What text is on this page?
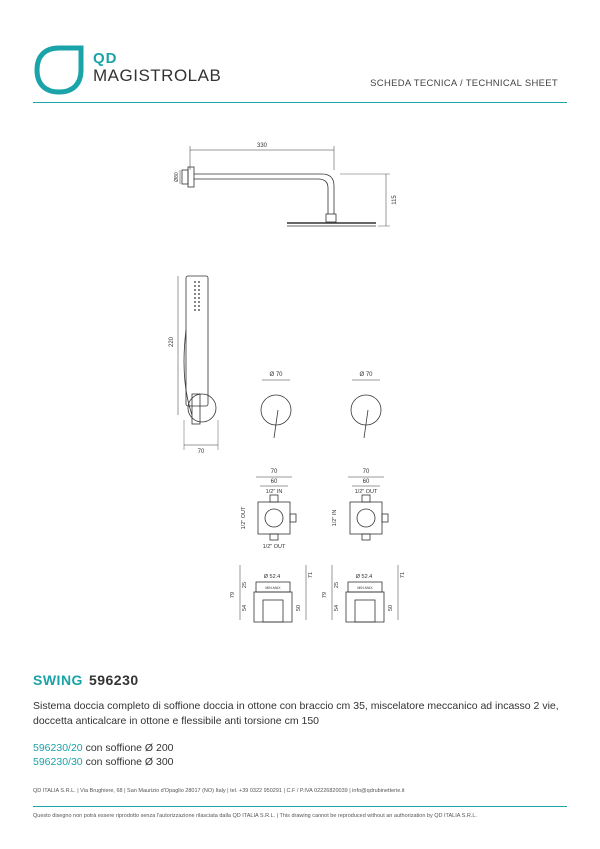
QD
MAGISTROLAB	SCHEDA TECNICA / TECHNICAL SHEET
330
Ø80
115
220
70
Ø 70	Ø 70
70
60
1/2" IN
1/2" OUT
1/2" OUT
70
60
1/2" OUT
1/2" IN
Ø 52.4
MIN-MAX
79
25
54
71
50
Ø 52.4
MIN-MAX
79
25
54
71
50
SWING 596230
Sistema doccia completo di soffione doccia in ottone con braccio cm 35, miscelatore meccanico ad incasso 2 vie, doccetta anticalcare in ottone e flessibile anti torsione cm 150
596230/20 con soffione Ø 200
596230/30 con soffione Ø 300
QD ITALIA S.R.L. | Via Brughiere, 68 | San Maurizio d'Opaglio 28017 (NO) Italy | tel. +39 0322 950291 | C.F / P.IVA 02226820039 | info@qdrubinetterie.it
Questo disegno non potrà essere riprodotto senza l'autorizzazione rilasciata dalla QD ITALIA S.R.L. | This drawing cannot be reproduced without an authorization by QD ITALIA S.R.L.
